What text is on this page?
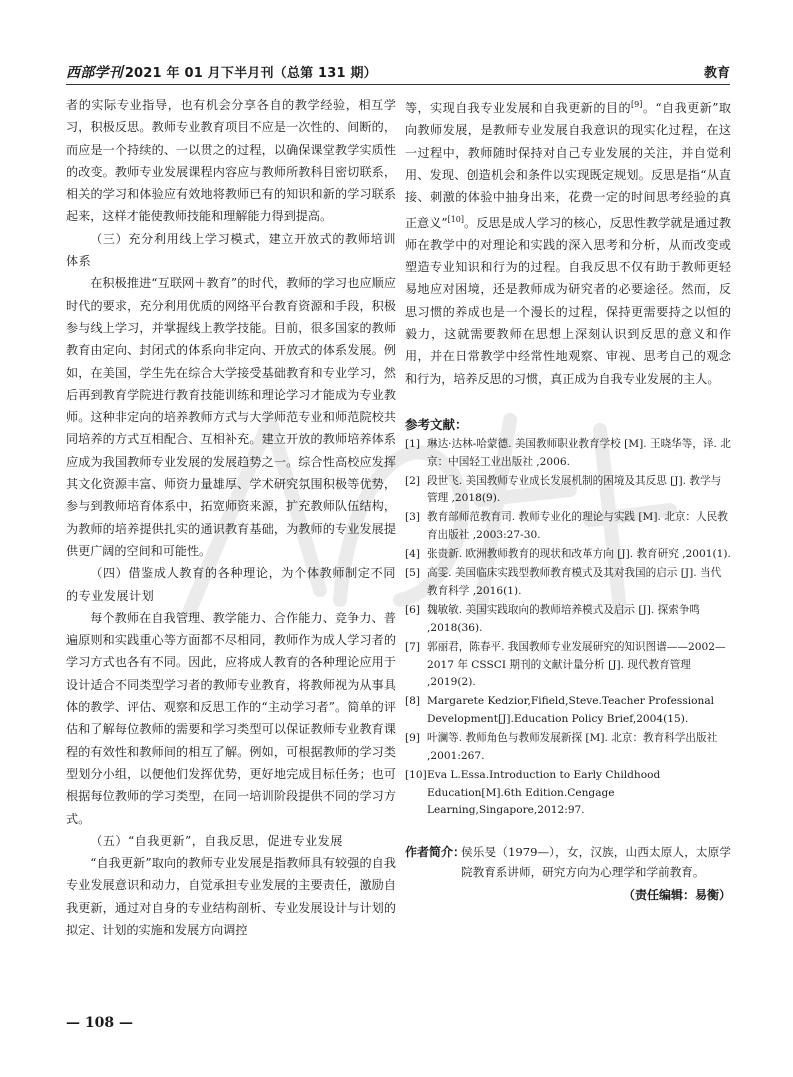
西部学刊 2021 年 01 月下半月刊（总第 131 期）	教育

者的实际专业指导，也有机会分享各自的教学经验，相互学习，积极反思。教师专业教育项目不应是一次性的、间断的，而应是一个持续的、一以贯之的过程，以确保课堂教学实质性的改变。教师专业发展课程内容应与教师所教科目密切联系，相关的学习和体验应有效地将教师已有的知识和新的学习联系起来，这样才能使教师技能和理解能力得到提高。

（三）充分利用线上学习模式，建立开放式的教师培训体系

在积极推进“互联网＋教育”的时代，教师的学习也应顺应时代的要求，充分利用优质的网络平台教育资源和手段，积极参与线上学习，并掌握线上教学技能。目前，很多国家的教师教育由定向、封闭式的体系向非定向、开放式的体系发展。例如，在美国，学生先在综合大学接受基础教育和专业学习，然后再到教育学院进行教育技能训练和理论学习才能成为专业教师。这种非定向的培养教师方式与大学师范专业和师范院校共同培养的方式互相配合、互相补充。建立开放的教师培养体系应成为我国教师专业发展的发展趋势之一。综合性高校应发挥其文化资源丰富、师资力量雄厚、学术研究氛围积极等优势，参与到教师培育体系中，拓宽师资来源，扩充教师队伍结构，为教师的培养提供扎实的通识教育基础，为教师的专业发展提供更广阔的空间和可能性。

（四）借鉴成人教育的各种理论，为个体教师制定不同的专业发展计划

每个教师在自我管理、教学能力、合作能力、竞争力、普遍原则和实践重心等方面都不尽相同，教师作为成人学习者的学习方式也各有不同。因此，应将成人教育的各种理论应用于设计适合不同类型学习者的教师专业教育，将教师视为从事具体的教学、评估、观察和反思工作的“主动学习者”。简单的评估和了解每位教师的需要和学习类型可以保证教师专业教育课程的有效性和教师间的相互了解。例如，可根据教师的学习类型划分小组，以便他们发挥优势，更好地完成目标任务；也可根据每位教师的学习类型，在同一培训阶段提供不同的学习方式。

（五）“自我更新”，自我反思，促进专业发展

“自我更新”取向的教师专业发展是指教师具有较强的自我专业发展意识和动力，自觉承担专业发展的主要责任，激励自我更新，通过对自身的专业结构剖析、专业发展设计与计划的拟定、计划的实施和发展方向调控

等，实现自我专业发展和自我更新的目的[9]。“自我更新”取向教师发展，是教师专业发展自我意识的现实化过程，在这一过程中，教师随时保持对自己专业发展的关注，并自觉利用、发现、创造机会和条件以实现既定规划。反思是指“从直接、刺激的体验中抽身出来，花费一定的时间思考经验的真正意义”[10]。反思是成人学习的核心，反思性教学就是通过教师在教学中的对理论和实践的深入思考和分析，从而改变或塑造专业知识和行为的过程。自我反思不仅有助于教师更轻易地应对困境，还是教师成为研究者的必要途径。然而，反思习惯的养成也是一个漫长的过程，保持更需要持之以恒的毅力，这就需要教师在思想上深刻认识到反思的意义和作用，并在日常教学中经常性地观察、审视、思考自己的观念和行为，培养反思的习惯，真正成为自我专业发展的主人。

参考文献：
[1] 琳达·达林-哈蒙德. 美国教师职业教育学校 [M]. 王晓华等，译. 北京：中国轻工业出版社 ,2006.
[2] 段世飞. 美国教师专业成长发展机制的困境及其反思 [J]. 教学与管理 ,2018(9).
[3] 教育部师范教育司. 教师专业化的理论与实践 [M]. 北京：人民教育出版社 ,2003:27-30.
[4] 张贵新. 欧洲教师教育的现状和改革方向 [J]. 教育研究 ,2001(1).
[5] 高雯. 美国临床实践型教师教育模式及其对我国的启示 [J]. 当代教育科学 ,2016(1).
[6] 魏敏敏. 美国实践取向的教师培养模式及启示 [J]. 探索争鸣 ,2018(36).
[7] 郭丽君，陈春平. 我国教师专业发展研究的知识图谱——2002—2017 年 CSSCI 期刊的文献计量分析 [J]. 现代教育管理 ,2019(2).
[8] Margarete Kedzior,Fifield,Steve.Teacher Professional Development[J].Education Policy Brief,2004(15).
[9] 叶澜等. 教师角色与教师发展新探 [M]. 北京：教育科学出版社 ,2001:267.
[10] Eva L.Essa.Introduction to Early Childhood Education[M].6th Edition.Cengage Learning,Singapore,2012:97.
作者简介：
侯乐旻（1979—），女，汉族，山西太原人，太原学院教育系讲师，研究方向为心理学和学前教育。
（责任编辑：易衡）
— 108 —
